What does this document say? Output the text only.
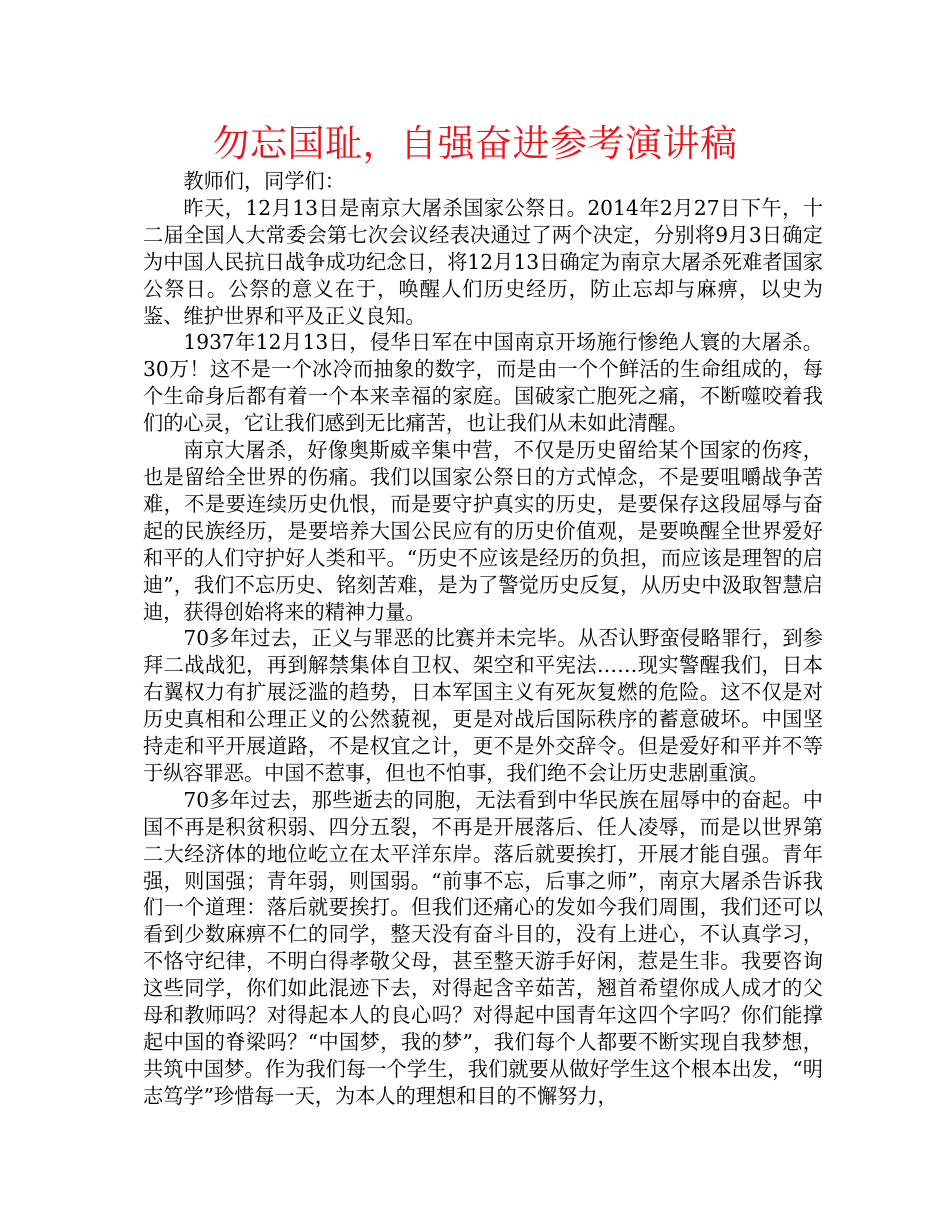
勿忘国耻，自强奋进参考演讲稿

教师们，同学们：

昨天，12月13日是南京大屠杀国家公祭日。2014年2月27日下午，十二届全国人大常委会第七次会议经表决通过了两个决定，分别将9月3日确定为中国人民抗日战争成功纪念日，将12月13日确定为南京大屠杀死难者国家公祭日。公祭的意义在于，唤醒人们历史经历，防止忘却与麻痹，以史为鉴、维护世界和平及正义良知。

1937年12月13日，侵华日军在中国南京开场施行惨绝人寰的大屠杀。30万！这不是一个冰冷而抽象的数字，而是由一个个鲜活的生命组成的，每个生命身后都有着一个本来幸福的家庭。国破家亡胞死之痛，不断噬咬着我们的心灵，它让我们感到无比痛苦，也让我们从未如此清醒。

南京大屠杀，好像奥斯威辛集中营，不仅是历史留给某个国家的伤疼，也是留给全世界的伤痛。我们以国家公祭日的方式悼念，不是要咀嚼战争苦难，不是要连续历史仇恨，而是要守护真实的历史，是要保存这段屈辱与奋起的民族经历，是要培养大国公民应有的历史价值观，是要唤醒全世界爱好和平的人们守护好人类和平。“历史不应该是经历的负担，而应该是理智的启迪”，我们不忘历史、铭刻苦难，是为了警觉历史反复，从历史中汲取智慧启迪，获得创始将来的精神力量。

70多年过去，正义与罪恶的比赛并未完毕。从否认野蛮侵略罪行，到参拜二战战犯，再到解禁集体自卫权、架空和平宪法……现实警醒我们，日本右翼权力有扩展泛滥的趋势，日本军国主义有死灰复燃的危险。这不仅是对历史真相和公理正义的公然藐视，更是对战后国际秩序的蓄意破坏。中国坚持走和平开展道路，不是权宜之计，更不是外交辞令。但是爱好和平并不等于纵容罪恶。中国不惹事，但也不怕事，我们绝不会让历史悲剧重演。

70多年过去，那些逝去的同胞，无法看到中华民族在屈辱中的奋起。中国不再是积贫积弱、四分五裂，不再是开展落后、任人凌辱，而是以世界第二大经济体的地位屹立在太平洋东岸。落后就要挨打，开展才能自强。青年强，则国强；青年弱，则国弱。“前事不忘，后事之师”，南京大屠杀告诉我们一个道理：落后就要挨打。但我们还痛心的发如今我们周围，我们还可以看到少数麻痹不仁的同学，整天没有奋斗目的，没有上进心，不认真学习，不恪守纪律，不明白得孝敬父母，甚至整天游手好闲，惹是生非。我要咨询这些同学，你们如此混迹下去，对得起含辛茹苦，翘首希望你成人成才的父母和教师吗？对得起本人的良心吗？对得起中国青年这四个字吗？你们能撑起中国的脊梁吗？“中国梦，我的梦”，我们每个人都要不断实现自我梦想，共筑中国梦。作为我们每一个学生，我们就要从做好学生这个根本出发，“明志笃学”珍惜每一天，为本人的理想和目的不懈努力，
